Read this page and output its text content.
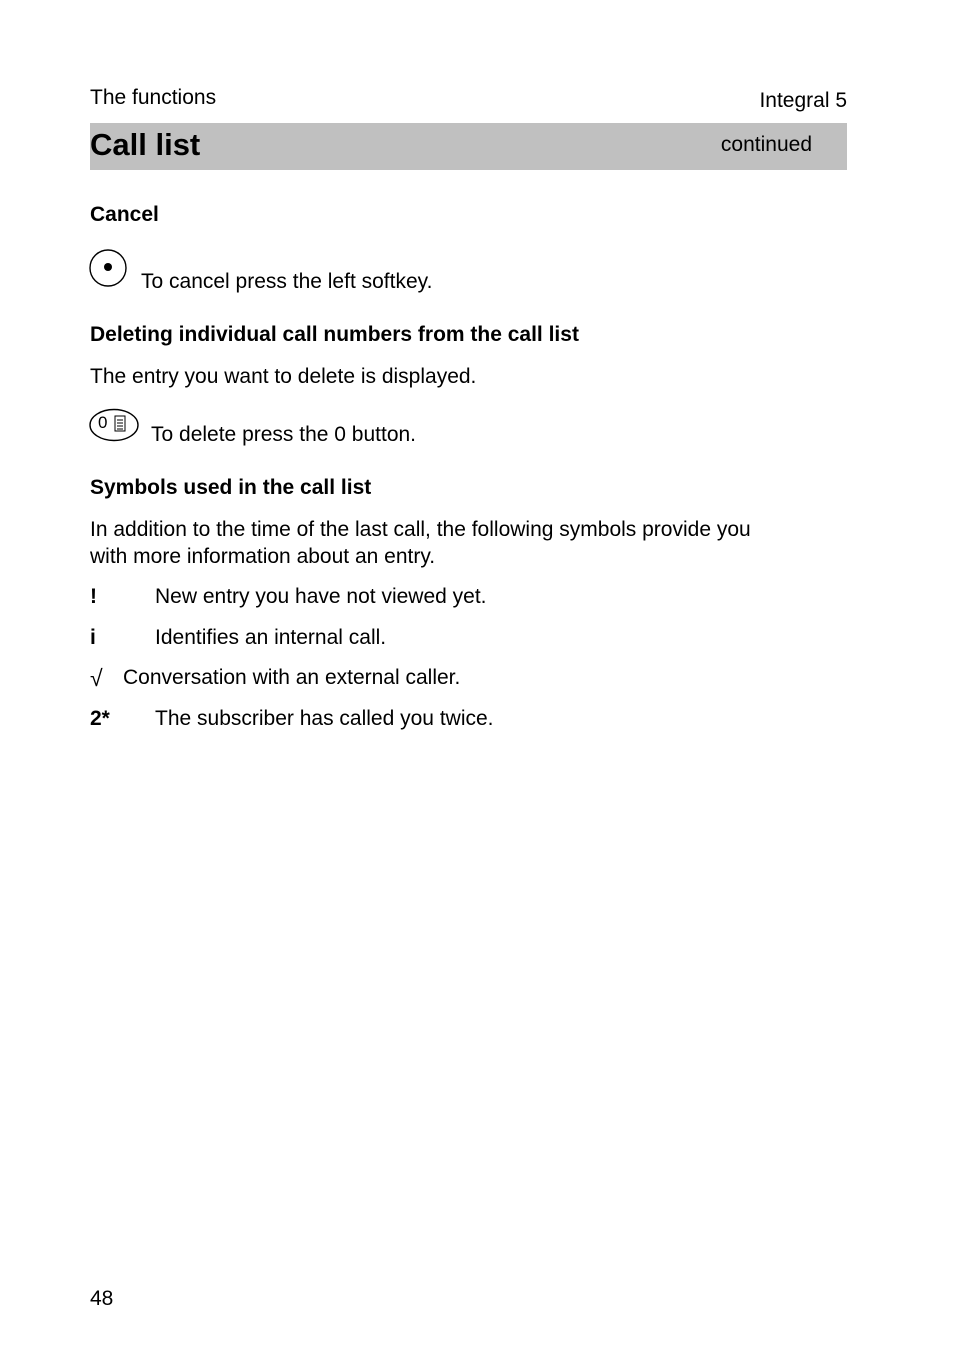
The functions	Integral 5
Call list	continued
Cancel
To cancel press the left softkey.
Deleting individual call numbers from the call list
The entry you want to delete is displayed.
0
To delete press the 0 button.
Symbols used in the call list
In addition to the time of the last call, the following symbols provide you
with more information about an entry.
!	New entry you have not viewed yet.
i	Identifies an internal call.
√ Conversation with an external caller.
2*	The subscriber has called you twice.
48
